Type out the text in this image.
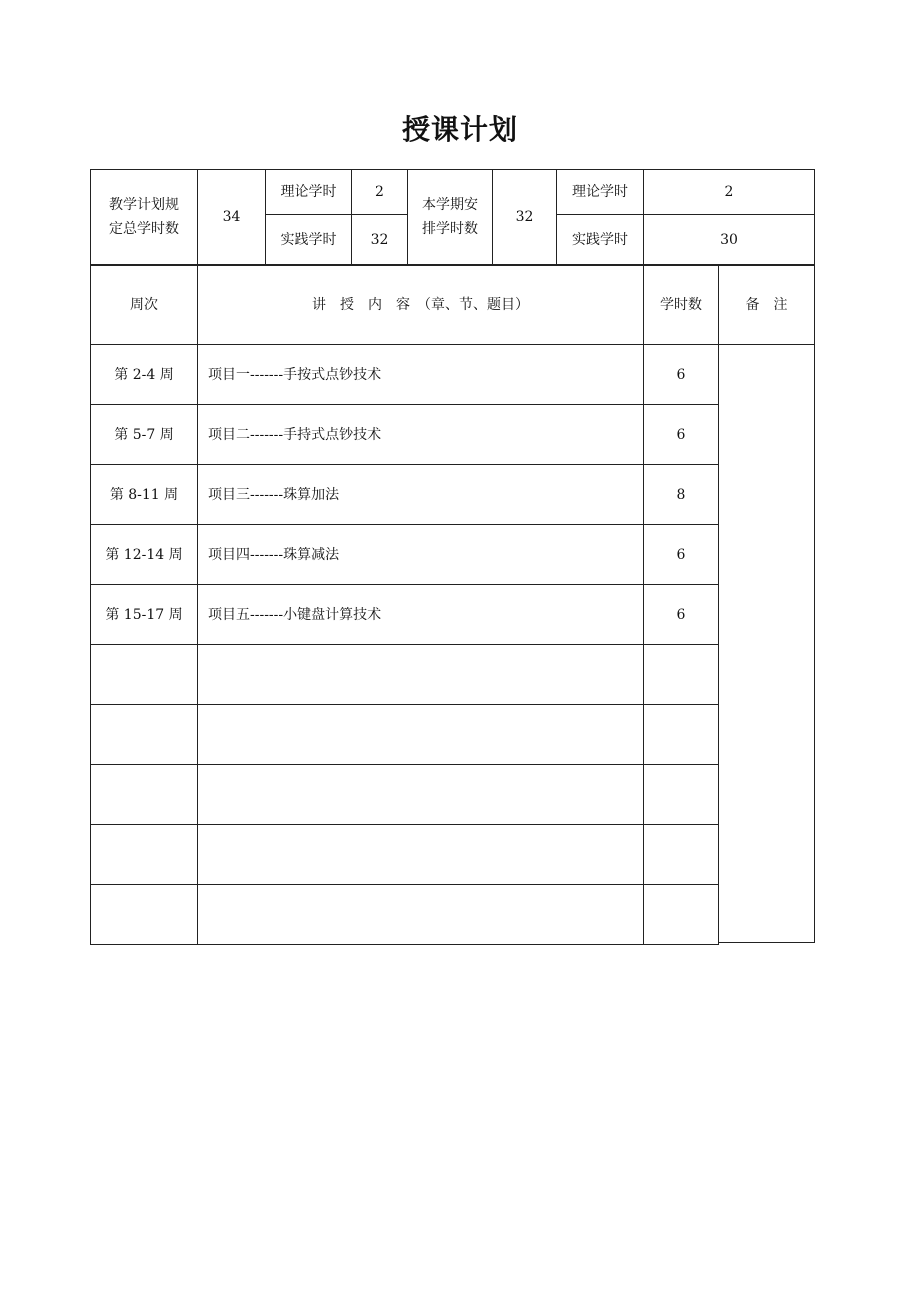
授课计划
教学计划规定总学时数
34
理论学时	2
实践学时	32
本学期安排学时数
32
理论学时	2
实践学时	30
周次	讲　授　内　容　（章、节、题目）	学时数	备　注
第 2-4 周	项目一-------手按式点钞技术	6
第 5-7 周	项目二-------手持式点钞技术	6
第 8-11 周	项目三-------珠算加法	8
第 12-14 周	项目四-------珠算减法	6
第 15-17 周	项目五-------小键盘计算技术	6
